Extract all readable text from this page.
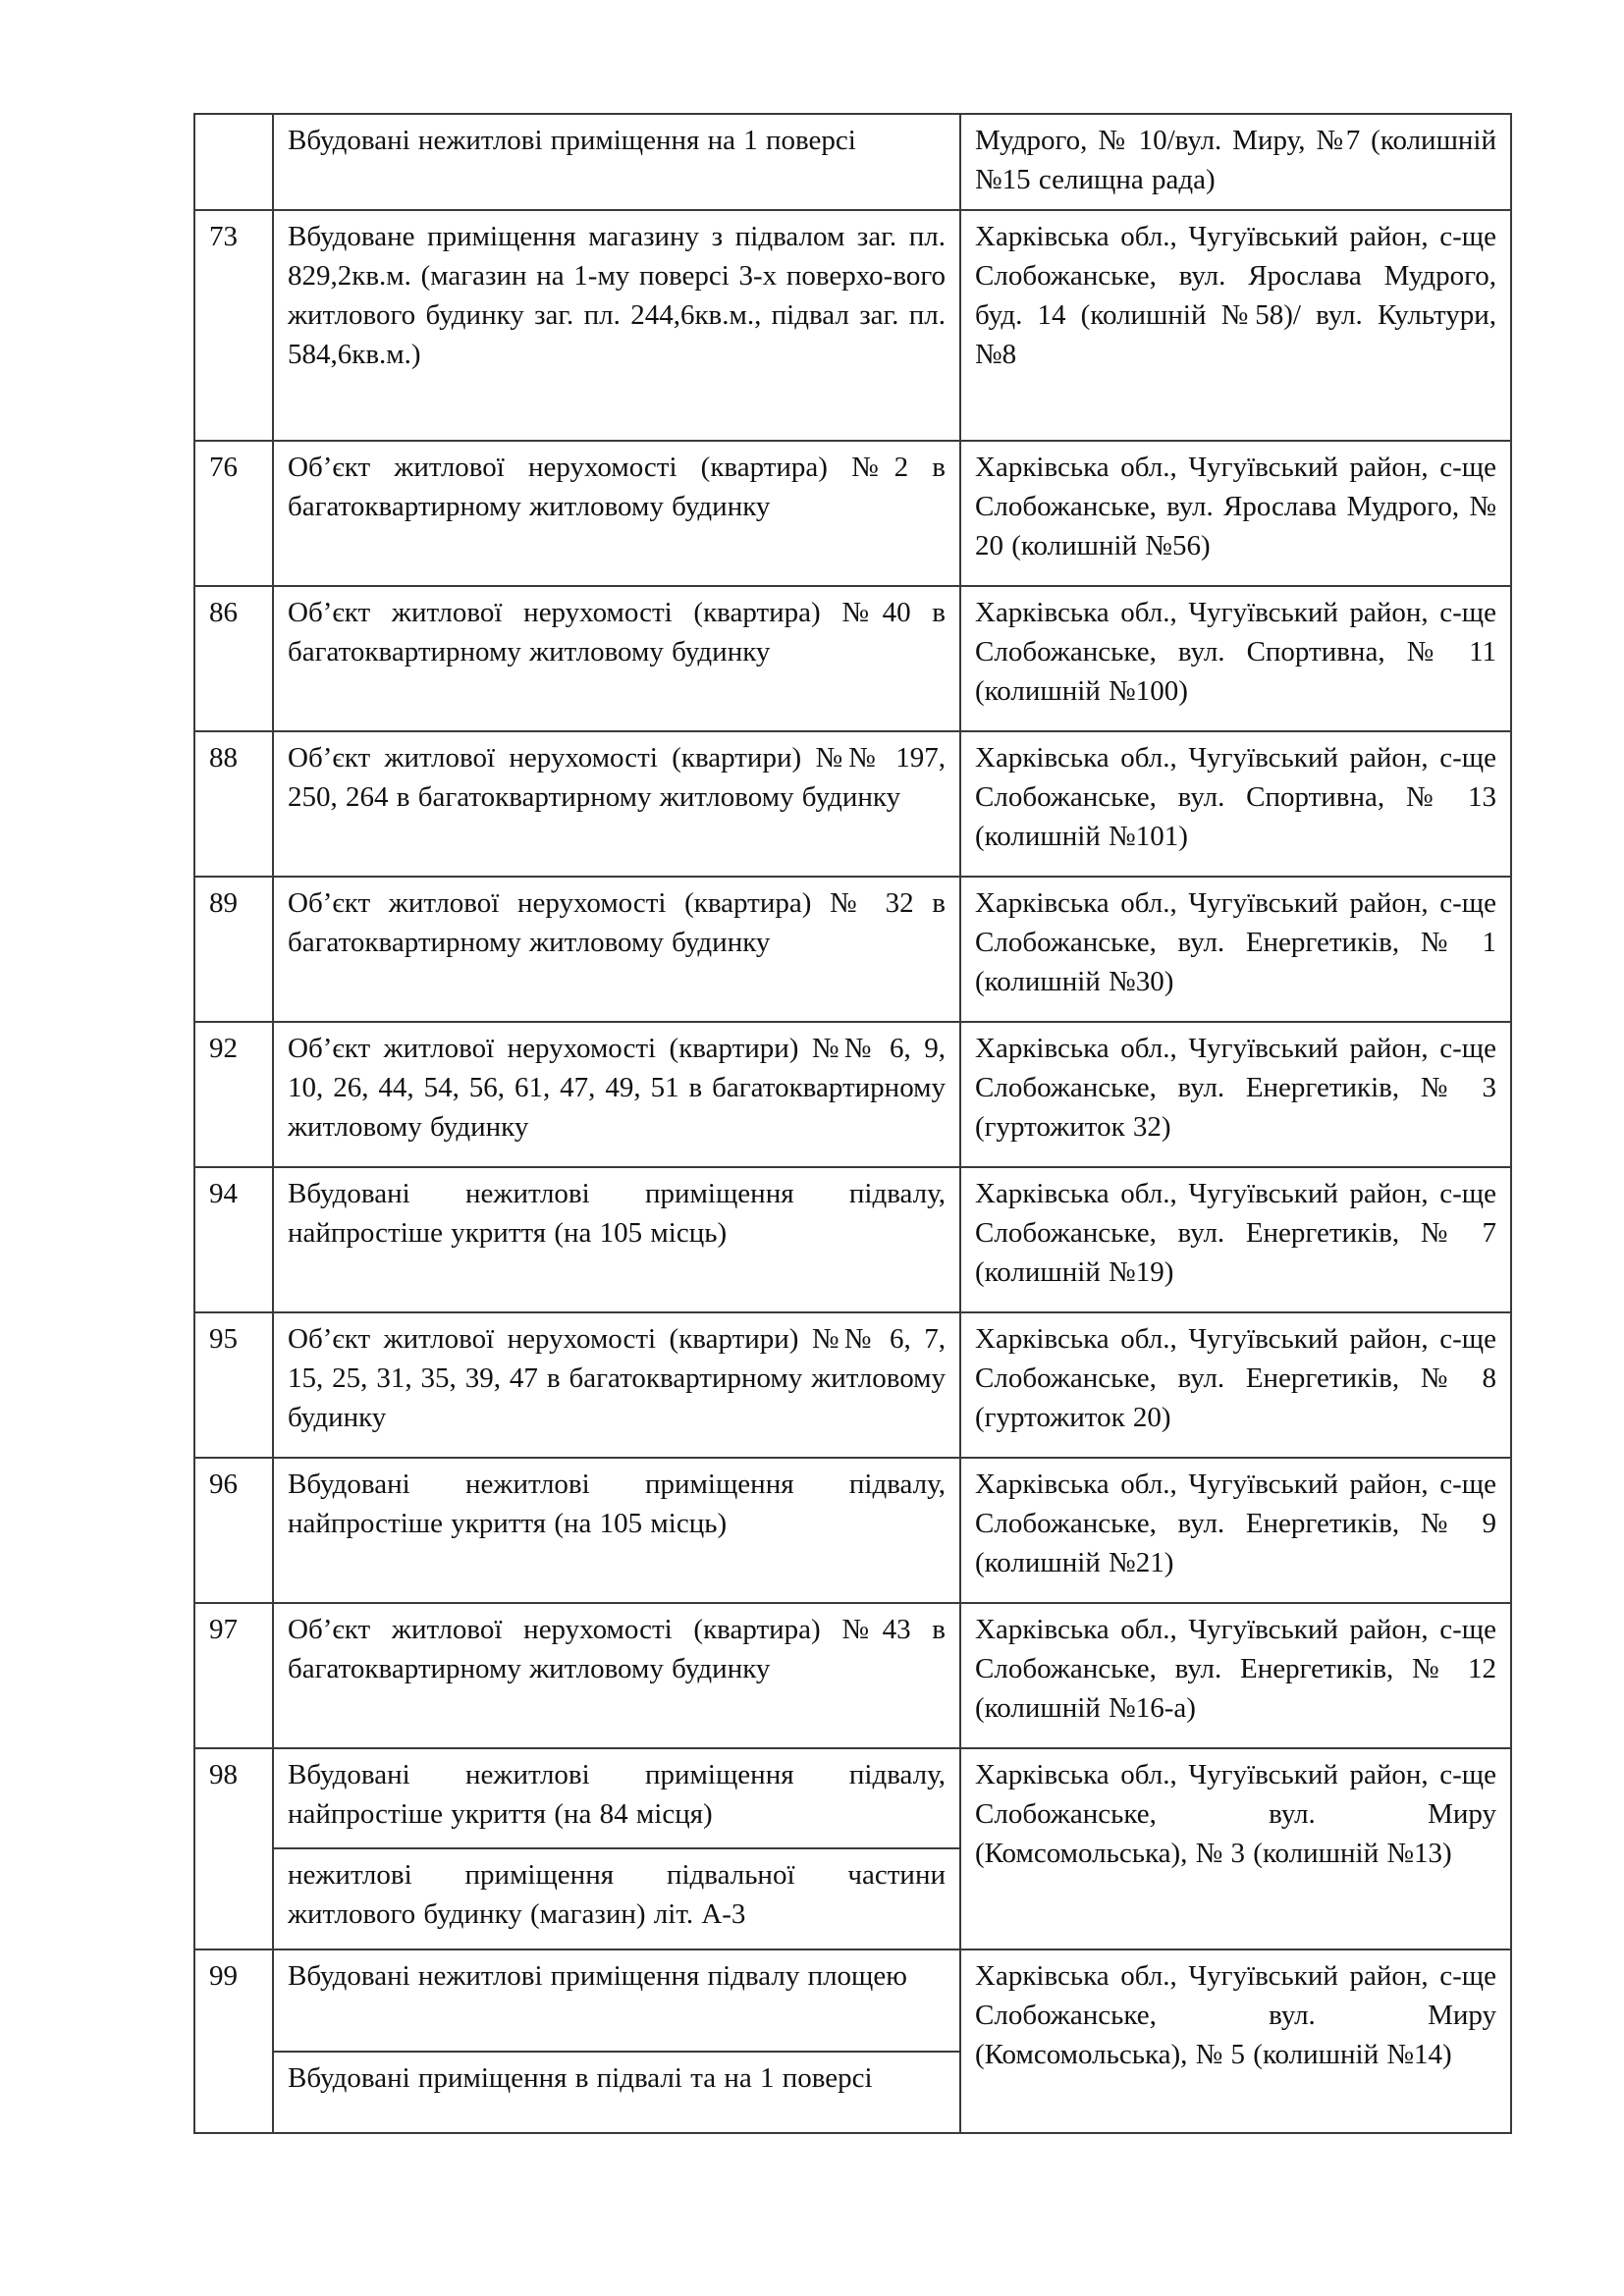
	Вбудовані нежитлові приміщення на 1 поверсі	Мудрого, № 10/вул. Миру, №7 (колишній №15 селищна рада)
73	Вбудоване приміщення магазину з підвалом заг. пл. 829,2кв.м. (магазин на 1-му поверсі 3-х поверхо-вого житлового будинку заг. пл. 244,6кв.м., підвал заг. пл. 584,6кв.м.)	Харківська обл., Чугуївський район, с-ще Слобожанське, вул. Ярослава Мудрого, буд. 14 (колишній №58)/ вул. Культури, №8
76	Об’єкт житлової нерухомості (квартира) №2 в багатоквартирному житловому будинку	Харківська обл., Чугуївський район, с-ще Слобожанське, вул. Ярослава Мудрого, № 20 (колишній №56)
86	Об’єкт житлової нерухомості (квартира) №40 в багатоквартирному житловому будинку	Харківська обл., Чугуївський район, с-ще Слобожанське, вул. Спортивна, № 11 (колишній №100)
88	Об’єкт житлової нерухомості (квартири) №№ 197, 250, 264 в багатоквартирному житловому будинку	Харківська обл., Чугуївський район, с-ще Слобожанське, вул. Спортивна, № 13 (колишній №101)
89	Об’єкт житлової нерухомості (квартира) № 32 в багатоквартирному житловому будинку	Харківська обл., Чугуївський район, с-ще Слобожанське, вул. Енергетиків, № 1 (колишній №30)
92	Об’єкт житлової нерухомості (квартири) №№ 6, 9, 10, 26, 44, 54, 56, 61, 47, 49, 51 в багатоквартирному житловому будинку	Харківська обл., Чугуївський район, с-ще Слобожанське, вул. Енергетиків, № 3 (гуртожиток 32)
94	Вбудовані нежитлові приміщення підвалу, найпростіше укриття (на 105 місць)	Харківська обл., Чугуївський район, с-ще Слобожанське, вул. Енергетиків, № 7 (колишній №19)
95	Об’єкт житлової нерухомості (квартири) №№ 6, 7, 15, 25, 31, 35, 39, 47 в багатоквартирному житловому будинку	Харківська обл., Чугуївський район, с-ще Слобожанське, вул. Енергетиків, № 8 (гуртожиток 20)
96	Вбудовані нежитлові приміщення підвалу, найпростіше укриття (на 105 місць)	Харківська обл., Чугуївський район, с-ще Слобожанське, вул. Енергетиків, № 9 (колишній №21)
97	Об’єкт житлової нерухомості (квартира) №43 в багатоквартирному житловому будинку	Харківська обл., Чугуївський район, с-ще Слобожанське, вул. Енергетиків, № 12 (колишній №16-а)
98	Вбудовані нежитлові приміщення підвалу, найпростіше укриття (на 84 місця)	Харківська обл., Чугуївський район, с-ще Слобожанське, вул. Миру (Комсомольська), № 3 (колишній №13)
	нежитлові приміщення підвальної частини житлового будинку (магазин) літ. А-3	
99	Вбудовані нежитлові приміщення підвалу площею	Харківська обл., Чугуївський район, с-ще Слобожанське, вул. Миру (Комсомольська), № 5 (колишній №14)
	Вбудовані приміщення в підвалі та на 1 поверсі	
